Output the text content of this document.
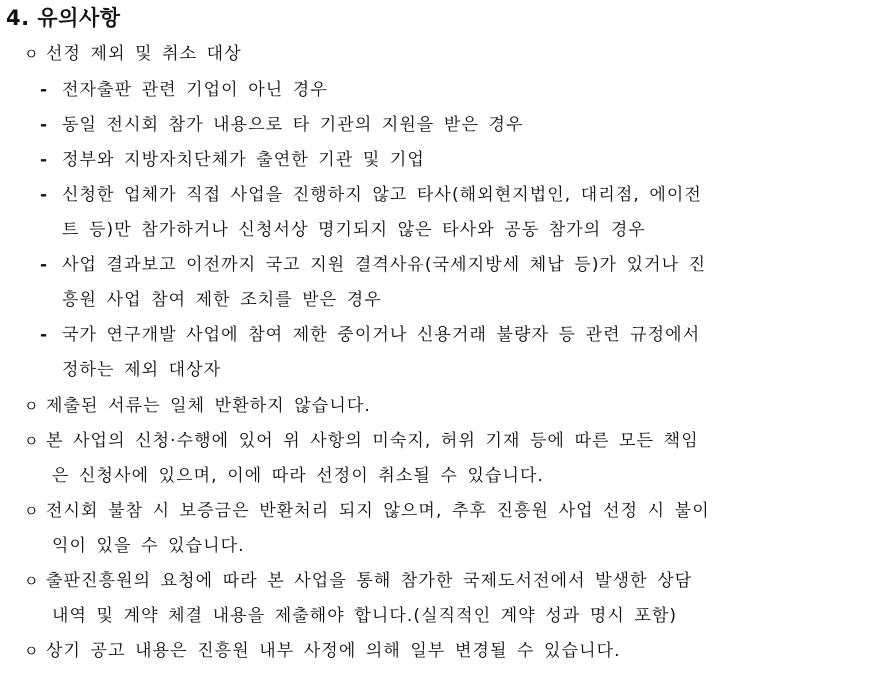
4. 유의사항
ㅇ 선정 제외 및 취소 대상
- 전자출판 관련 기업이 아닌 경우
- 동일 전시회 참가 내용으로 타 기관의 지원을 받은 경우
- 정부와 지방자치단체가 출연한 기관 및 기업
- 신청한 업체가 직접 사업을 진행하지 않고 타사(해외현지법인, 대리점, 에이전
트 등)만 참가하거나 신청서상 명기되지 않은 타사와 공동 참가의 경우
- 사업 결과보고 이전까지 국고 지원 결격사유(국세지방세 체납 등)가 있거나 진
흥원 사업 참여 제한 조치를 받은 경우
- 국가 연구개발 사업에 참여 제한 중이거나 신용거래 불량자 등 관련 규정에서
정하는 제외 대상자
ㅇ 제출된 서류는 일체 반환하지 않습니다.
ㅇ 본 사업의 신청·수행에 있어 위 사항의 미숙지, 허위 기재 등에 따른 모든 책임
은 신청사에 있으며, 이에 따라 선정이 취소될 수 있습니다.
ㅇ 전시회 불참 시 보증금은 반환처리 되지 않으며, 추후 진흥원 사업 선정 시 불이
익이 있을 수 있습니다.
ㅇ 출판진흥원의 요청에 따라 본 사업을 통해 참가한 국제도서전에서 발생한 상담
내역 및 계약 체결 내용을 제출해야 합니다.(실직적인 계약 성과 명시 포함)
ㅇ 상기 공고 내용은 진흥원 내부 사정에 의해 일부 변경될 수 있습니다.
